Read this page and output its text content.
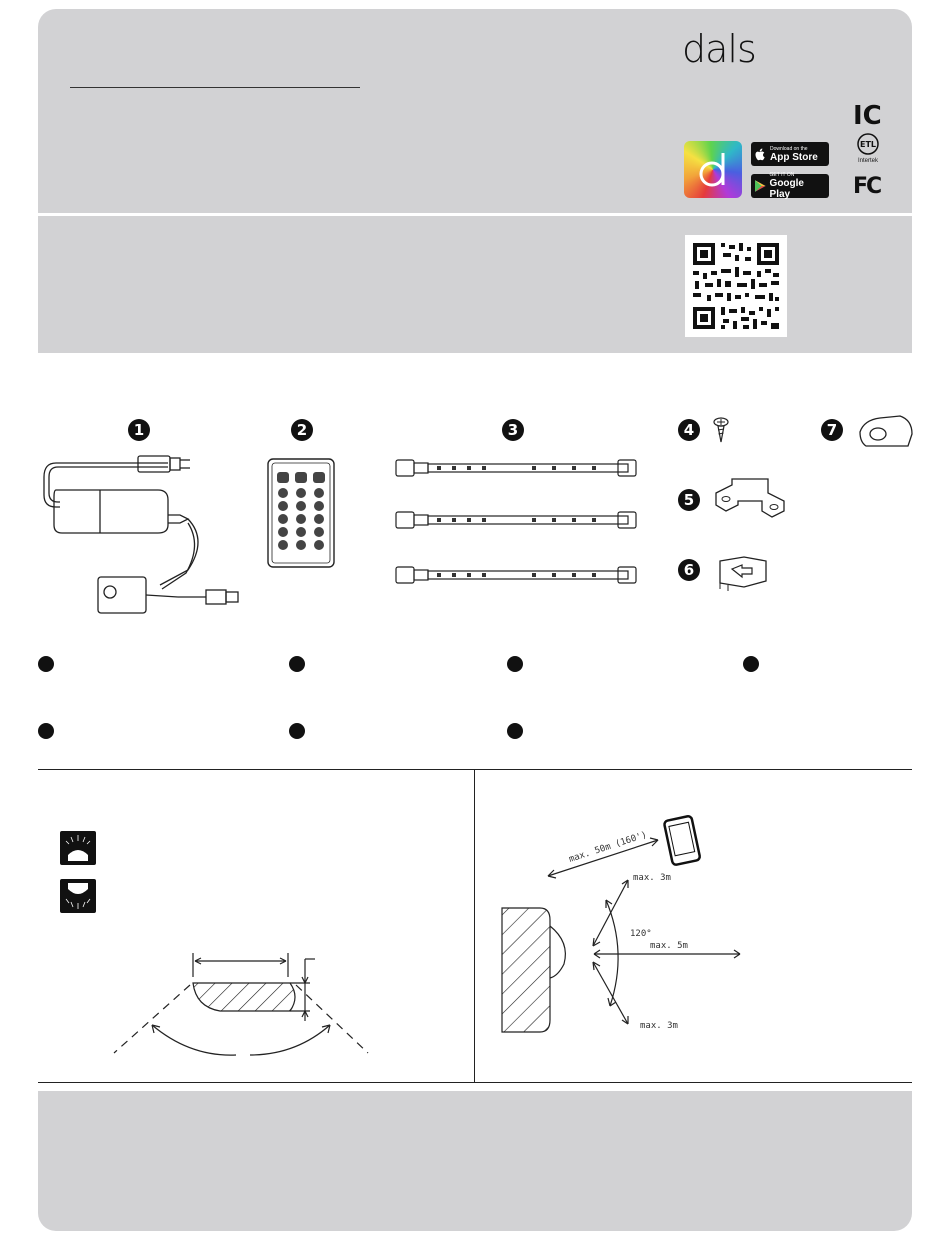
dals
Download on the
App Store
GET IT ON
Google Play
IC
ETL
Intertek
FC
1	2	3	4
5
6
7
max. 50m (160')
max. 3m
120°
max. 5m
max. 3m
